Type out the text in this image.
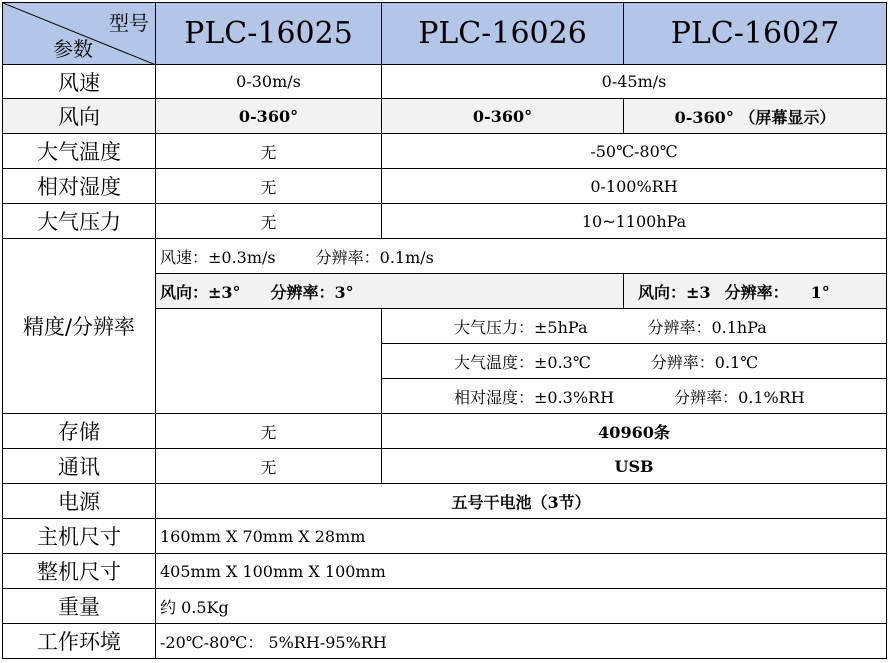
型号
参数	PLC-16025	PLC-16026	PLC-16027
风速	0-30m/s	0-45m/s	
风向	0-360°	0-360°	0-360° （屏幕显示）
大气温度	无	-50℃-80℃	
相对湿度	无	0-100%RH	
大气压力	无	10~1100hPa	
精度/分辨率	风速：±0.3m/s 分辨率：0.1m/s		
	风向：±3° 分辨率：3°		风向：±3 分辨率： 1°
		大气压力：±5hPa 分辨率：0.1hPa	
		大气温度：±0.3℃ 分辨率：0.1℃	
		相对湿度：±0.3%RH 分辨率：0.1%RH	
存储	无	40960条	
通讯	无	USB	
电源	五号干电池（3节）		
主机尺寸	160mm X 70mm X 28mm		
整机尺寸	405mm X 100mm X 100mm		
重量	约 0.5Kg		
工作环境	-20℃-80℃： 5%RH-95%RH		
